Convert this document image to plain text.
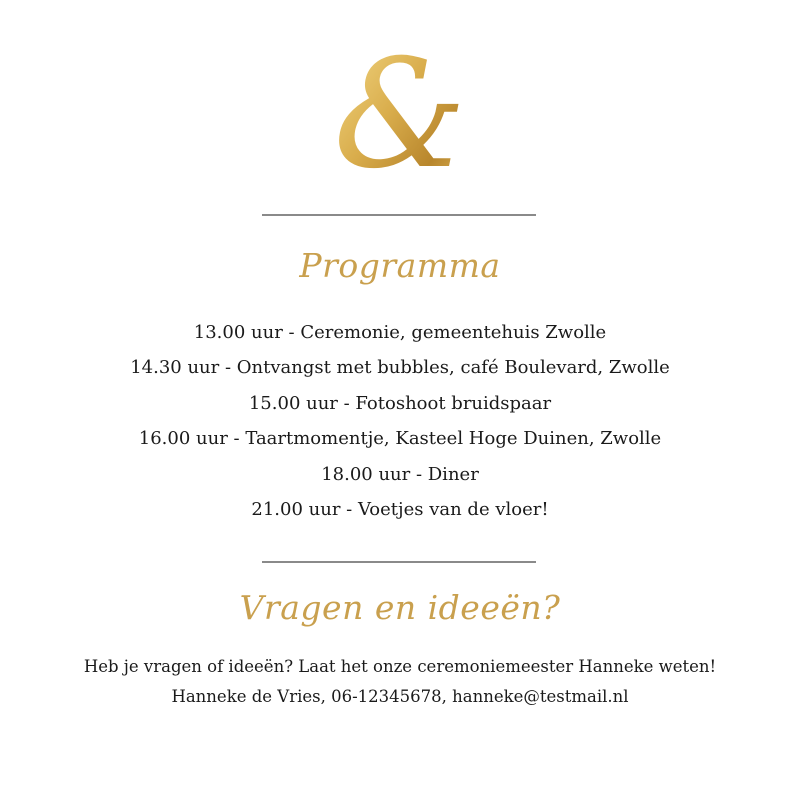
&
Programma
13.00 uur - Ceremonie, gemeentehuis Zwolle
14.30 uur - Ontvangst met bubbles, café Boulevard, Zwolle
15.00 uur - Fotoshoot bruidspaar
16.00 uur - Taartmomentje, Kasteel Hoge Duinen, Zwolle
18.00 uur - Diner
21.00 uur - Voetjes van de vloer!
Vragen en ideeën?

Heb je vragen of ideeën? Laat het onze ceremoniemeester Hanneke weten!

Hanneke de Vries, 06-12345678, hanneke@testmail.nl
